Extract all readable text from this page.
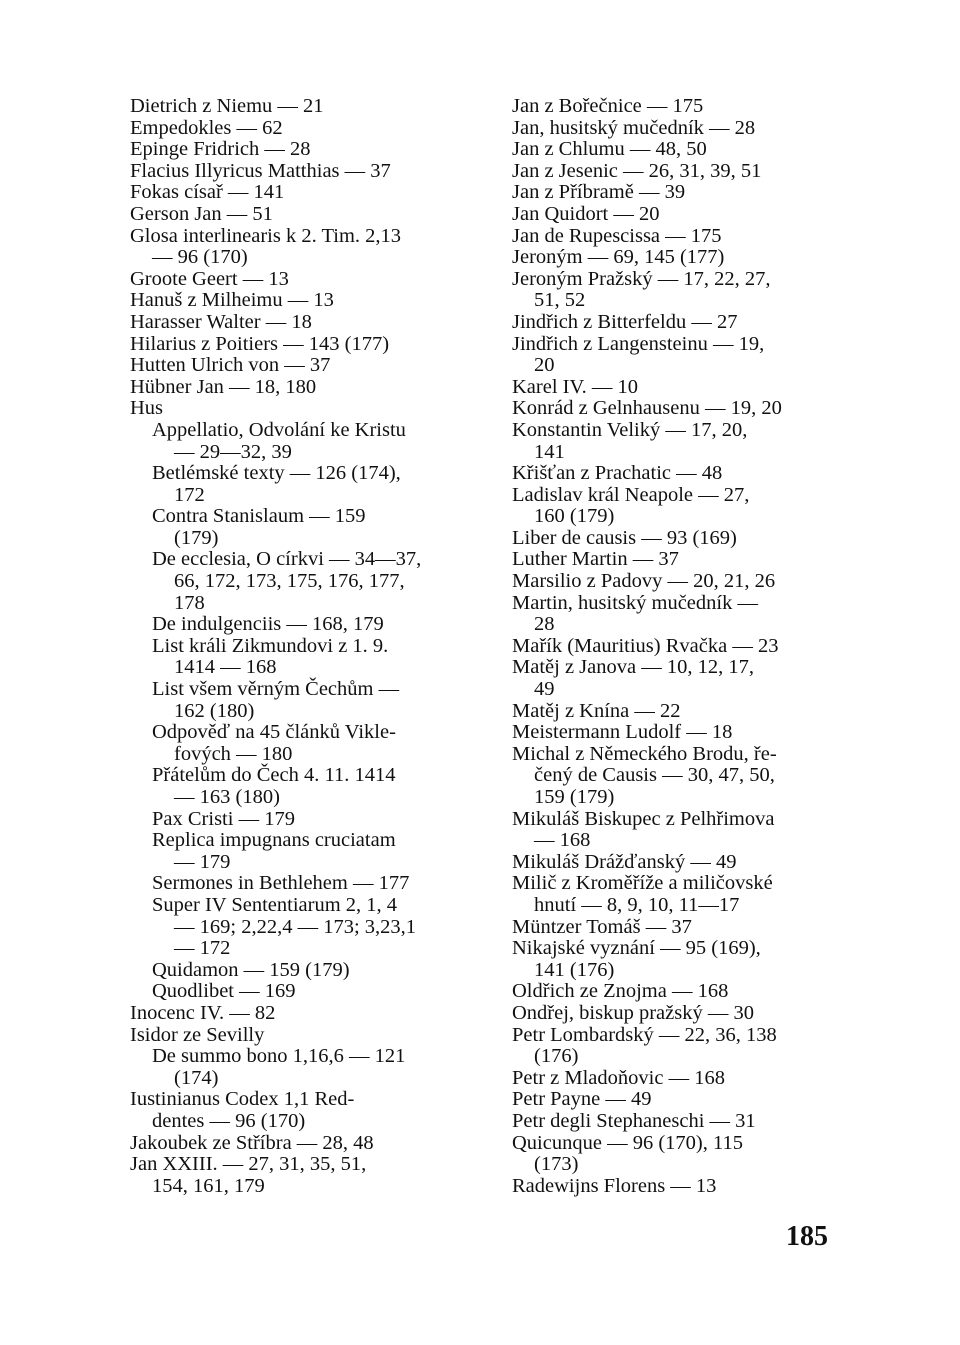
Dietrich z Niemu — 21
Empedokles — 62
Epinge Fridrich — 28
Flacius Illyricus Matthias — 37
Fokas císař — 141
Gerson Jan — 51
Glosa interlinearis k 2. Tim. 2,13
— 96 (170)
Groote Geert — 13
Hanuš z Milheimu — 13
Harasser Walter — 18
Hilarius z Poitiers — 143 (177)
Hutten Ulrich von — 37
Hübner Jan — 18, 180
Hus
Appellatio, Odvolání ke Kristu
— 29—32, 39
Betlémské texty — 126 (174),
172
Contra Stanislaum — 159
(179)
De ecclesia, O církvi — 34—37,
66, 172, 173, 175, 176, 177,
178
De indulgenciis — 168, 179
List králi Zikmundovi z 1. 9.
1414 — 168
List všem věrným Čechům —
162 (180)
Odpověď na 45 článků Vikle-
fových — 180
Přátelům do Čech 4. 11. 1414
— 163 (180)
Pax Cristi — 179
Replica impugnans cruciatam
— 179
Sermones in Bethlehem — 177
Super IV Sententiarum 2, 1, 4
— 169; 2,22,4 — 173; 3,23,1
— 172
Quidamon — 159 (179)
Quodlibet — 169
Inocenc IV. — 82
Isidor ze Sevilly
De summo bono 1,16,6 — 121
(174)
Iustinianus Codex 1,1 Red-
dentes — 96 (170)
Jakoubek ze Stříbra — 28, 48
Jan XXIII. — 27, 31, 35, 51,
154, 161, 179
Jan z Bořečnice — 175
Jan, husitský mučedník — 28
Jan z Chlumu — 48, 50
Jan z Jesenic — 26, 31, 39, 51
Jan z Příbramě — 39
Jan Quidort — 20
Jan de Rupescissa — 175
Jeroným — 69, 145 (177)
Jeroným Pražský — 17, 22, 27,
51, 52
Jindřich z Bitterfeldu — 27
Jindřich z Langensteinu — 19,
20
Karel IV. — 10
Konrád z Gelnhausenu — 19, 20
Konstantin Veliký — 17, 20,
141
Křišťan z Prachatic — 48
Ladislav král Neapole — 27,
160 (179)
Liber de causis — 93 (169)
Luther Martin — 37
Marsilio z Padovy — 20, 21, 26
Martin, husitský mučedník —
28
Mařík (Mauritius) Rvačka — 23
Matěj z Janova — 10, 12, 17,
49
Matěj z Knína — 22
Meistermann Ludolf — 18
Michal z Německého Brodu, ře-
čený de Causis — 30, 47, 50,
159 (179)
Mikuláš Biskupec z Pelhřimova
— 168
Mikuláš Drážďanský — 49
Milič z Kroměříže a miličovské
hnutí — 8, 9, 10, 11—17
Müntzer Tomáš — 37
Nikajské vyznání — 95 (169),
141 (176)
Oldřich ze Znojma — 168
Ondřej, biskup pražský — 30
Petr Lombardský — 22, 36, 138
(176)
Petr z Mladoňovic — 168
Petr Payne — 49
Petr degli Stephaneschi — 31
Quicunque — 96 (170), 115
(173)
Radewijns Florens — 13
185
